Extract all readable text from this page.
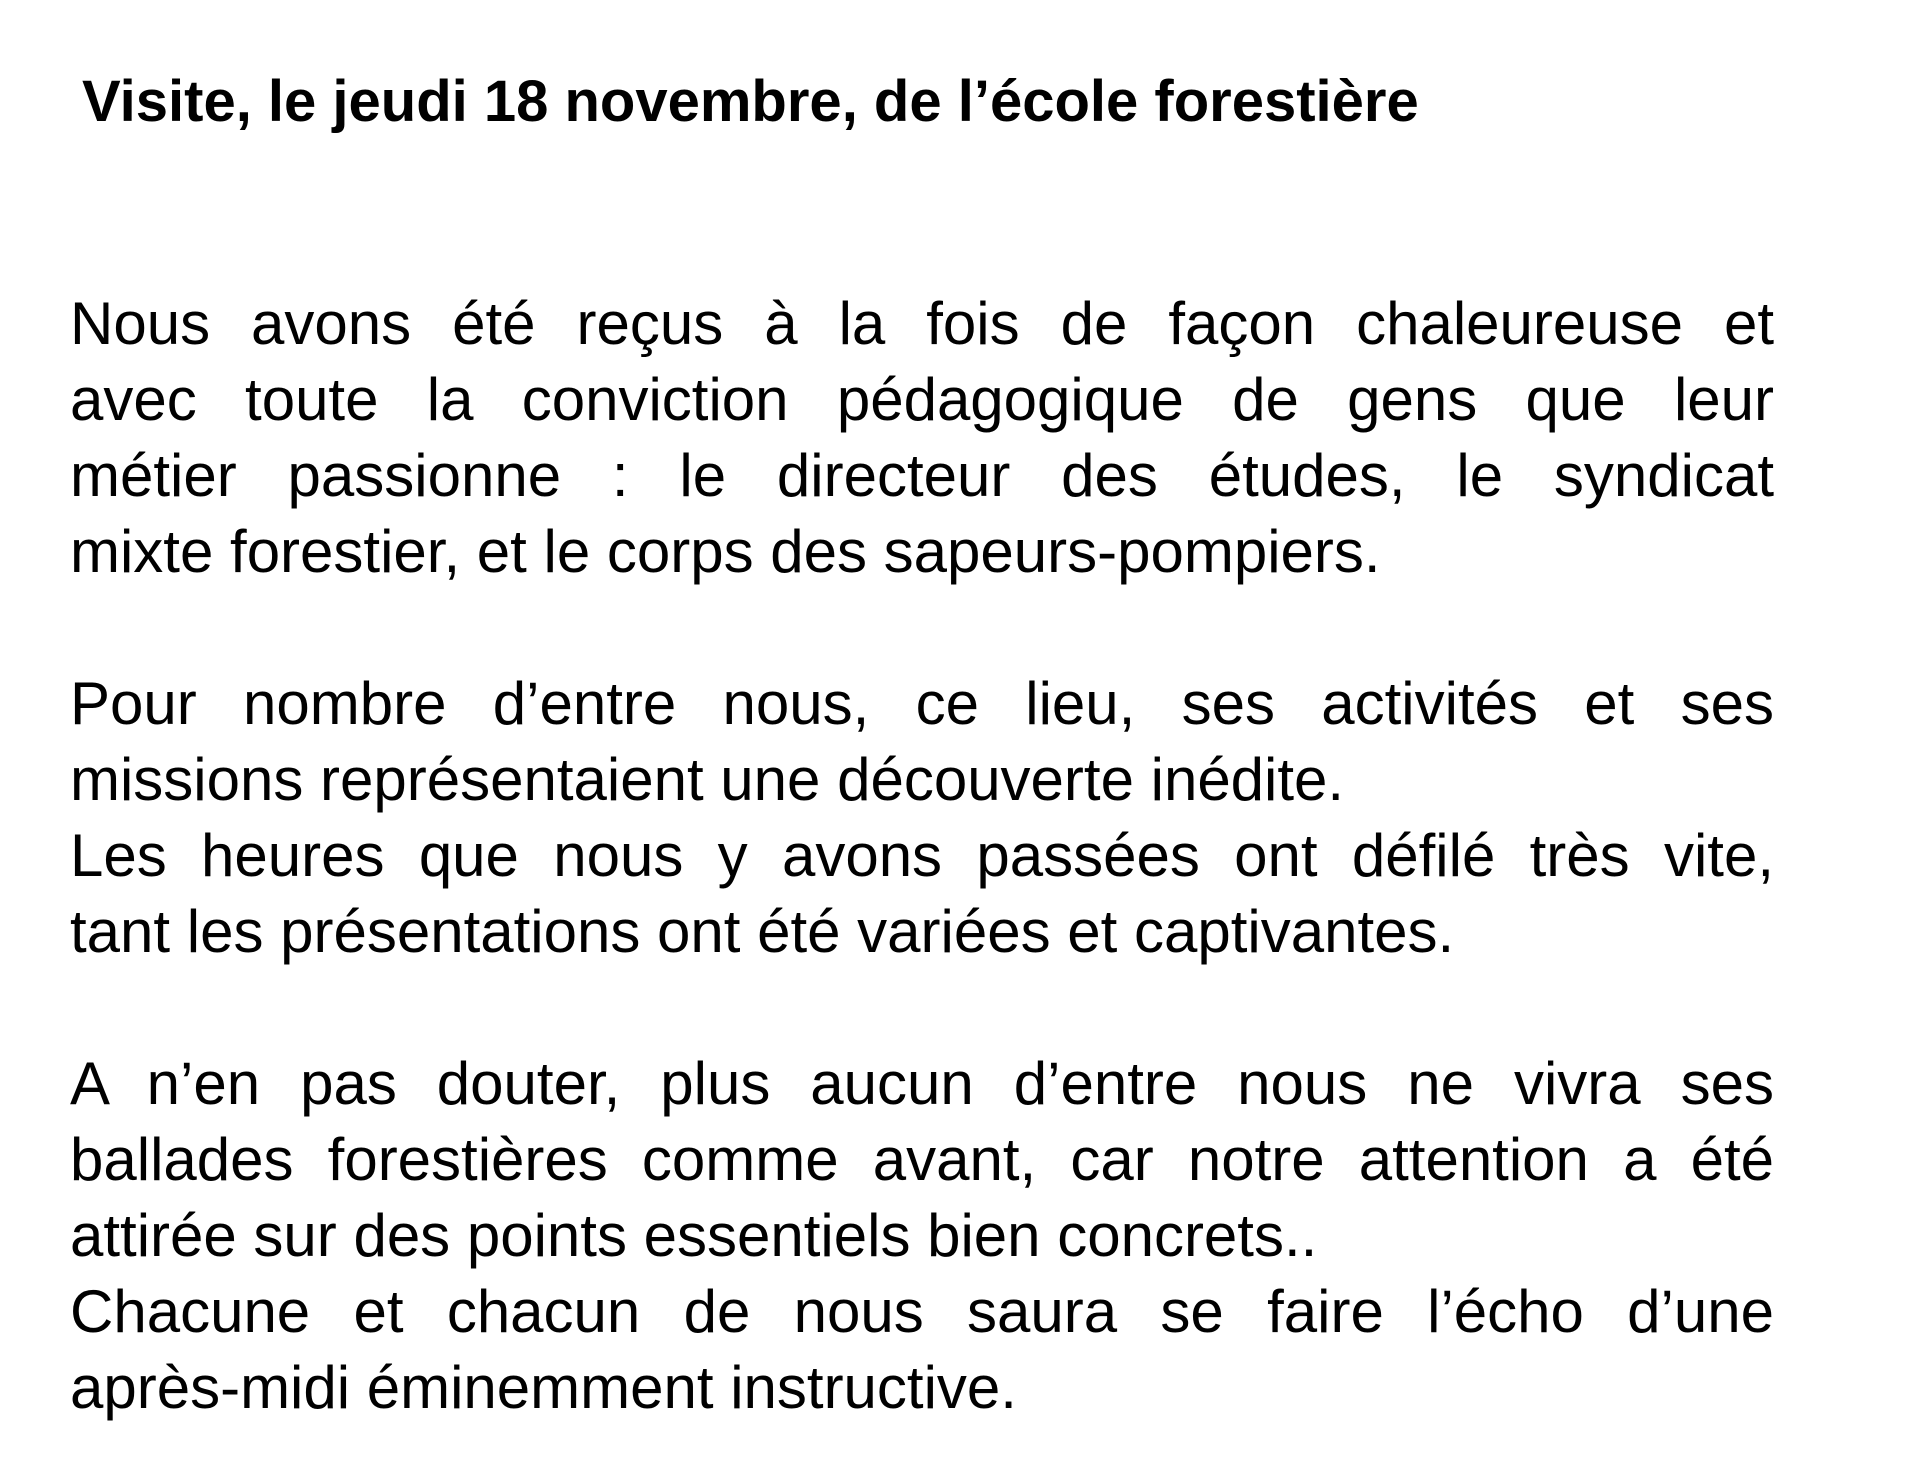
Visite, le jeudi 18 novembre, de l’école forestière

Nous avons été reçus à la fois de façon chaleureuse et
avec toute la conviction pédagogique de gens que leur
métier passionne : le directeur des études, le syndicat
mixte forestier, et le corps des sapeurs-pompiers.

Pour nombre d’entre nous, ce lieu, ses activités et ses
missions représentaient une découverte inédite.

Les heures que nous y avons passées ont défilé très vite,
tant les présentations ont été variées et captivantes.

A n’en pas douter, plus aucun d’entre nous ne vivra ses
ballades forestières comme avant, car notre attention a été
attirée sur des points essentiels bien concrets..

Chacune et chacun de nous saura se faire l’écho d’une
après-midi éminemment instructive.
